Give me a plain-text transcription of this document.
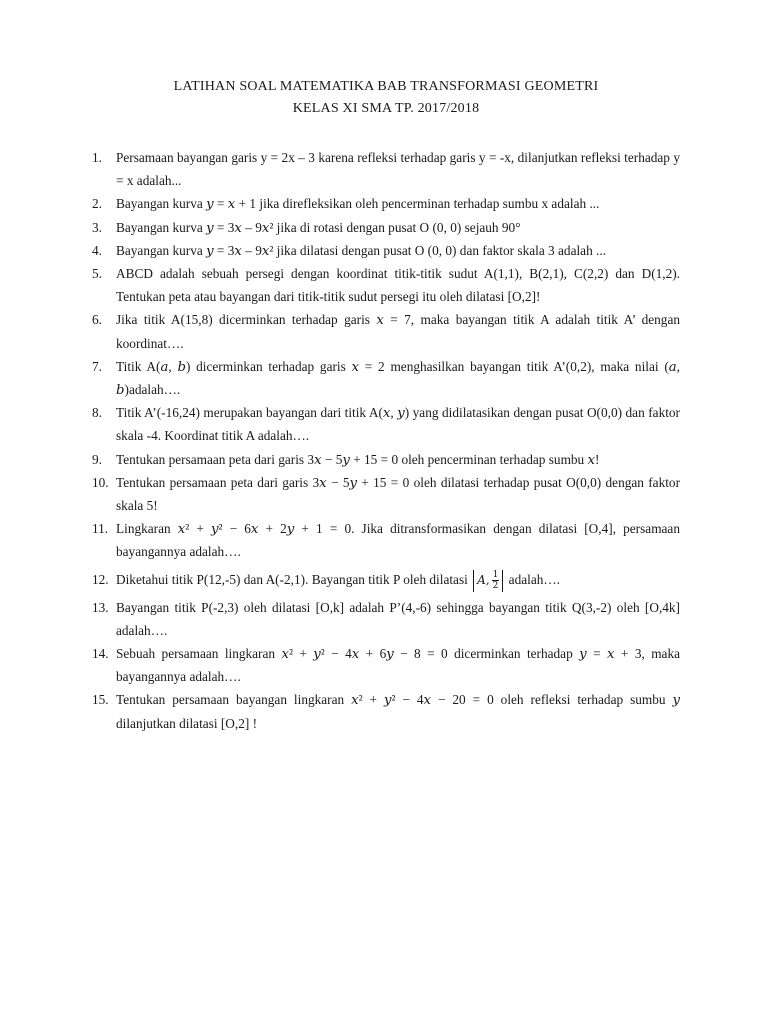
LATIHAN SOAL MATEMATIKA BAB TRANSFORMASI GEOMETRI

KELAS XI SMA TP. 2017/2018

1.	Persamaan bayangan garis y = 2x – 3 karena refleksi terhadap garis y = -x, dilanjutkan refleksi terhadap y = x adalah...
2.	Bayangan kurva 𝑦 = 𝑥 + 1 jika direfleksikan oleh pencerminan terhadap sumbu x adalah ...
3.	Bayangan kurva 𝑦 = 3𝑥 – 9𝑥² jika di rotasi dengan pusat O (0, 0) sejauh 90°
4.	Bayangan kurva 𝑦 = 3𝑥 – 9𝑥² jika dilatasi dengan pusat O (0, 0) dan faktor skala 3 adalah ...
5.	ABCD adalah sebuah persegi dengan koordinat titik-titik sudut A(1,1), B(2,1), C(2,2) dan D(1,2). Tentukan peta atau bayangan dari titik-titik sudut persegi itu oleh dilatasi [O,2]!
6.	Jika titik A(15,8) dicerminkan terhadap garis 𝑥 = 7, maka bayangan titik A adalah titik A’ dengan koordinat….
7.	Titik A(𝑎, 𝑏) dicerminkan terhadap garis 𝑥 = 2 menghasilkan bayangan titik A’(0,2), maka nilai (𝑎, 𝑏)adalah….
8.	Titik A’(-16,24) merupakan bayangan dari titik A(𝑥, 𝑦) yang didilatasikan dengan pusat O(0,0) dan faktor skala -4. Koordinat titik A adalah….
9.	Tentukan persamaan peta dari garis 3𝑥 − 5𝑦 + 15 = 0 oleh pencerminan terhadap sumbu 𝑥!
10. Tentukan persamaan peta dari garis 3𝑥 − 5𝑦 + 15 = 0 oleh dilatasi terhadap pusat O(0,0) dengan faktor skala 5!
11. Lingkaran 𝑥² + 𝑦² − 6𝑥 + 2𝑦 + 1 = 0. Jika ditransformasikan dengan dilatasi [O,4], persamaan bayangannya adalah….
12. Diketahui titik P(12,-5) dan A(-2,1). Bayangan titik P oleh dilatasi 𝐴, $\frac{1}{2}$ adalah….
13. Bayangan titik P(-2,3) oleh dilatasi [O,k] adalah P’(4,-6) sehingga bayangan titik Q(3,-2) oleh [O,4k] adalah….
14. Sebuah persamaan lingkaran 𝑥² + 𝑦² − 4𝑥 + 6𝑦 − 8 = 0 dicerminkan terhadap 𝑦 = 𝑥 + 3, maka bayangannya adalah….
15. Tentukan persamaan bayangan lingkaran 𝑥² + 𝑦² − 4𝑥 − 20 = 0 oleh refleksi terhadap sumbu 𝑦 dilanjutkan dilatasi [O,2] !
